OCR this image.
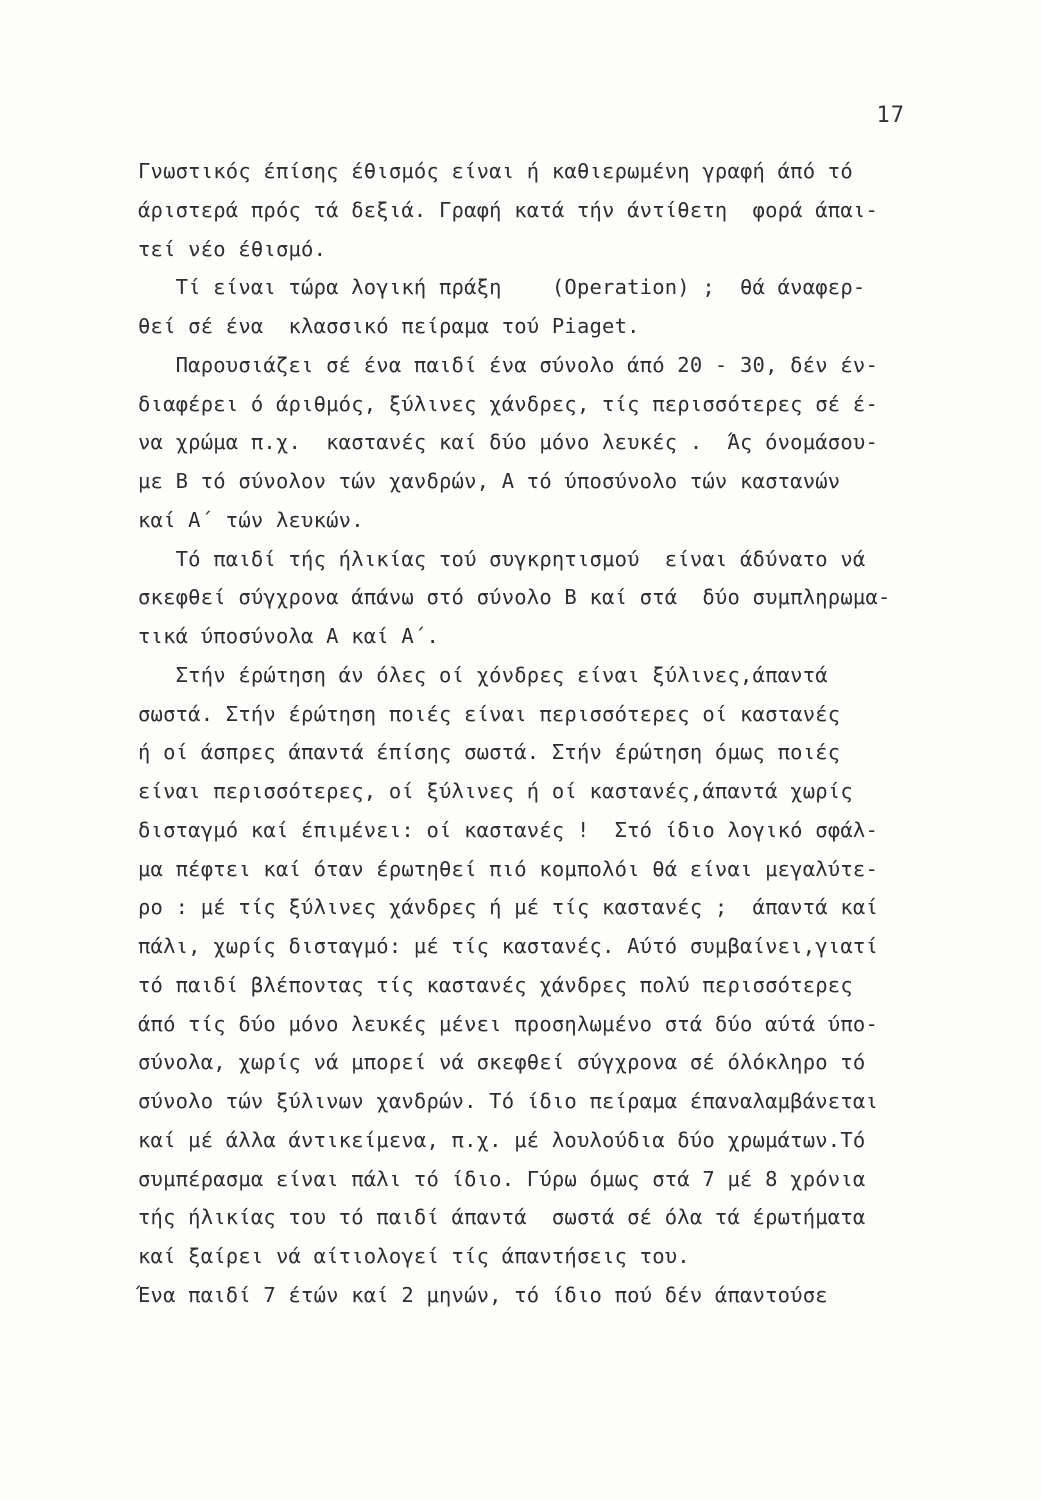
17
Γνωστικός έπίσης έθισμός είναι ή καθιερωμένη γραφή άπό τό
άριστερά πρός τά δεξιά. Γραφή κατά τήν άντίθετη  φορά άπαι-
τεί νέο έθισμό.
Τί είναι τώρα λογική πράξη    (Operation) ;  θά άναφερ-
θεί σέ ένα  κλασσικό πείραμα τού Piaget.
Παρουσιάζει σέ ένα παιδί ένα σύνολο άπό 20 - 30, δέν έν-
διαφέρει ό άριθμός, ξύλινες χάνδρες, τίς περισσότερες σέ έ-
να χρώμα π.χ.  καστανές καί δύο μόνο λευκές .  Άς όνομάσου-
με Β τό σύνολον τών χανδρών, Α τό ύποσύνολο τών καστανών
καί Α΄ τών λευκών.
Τό παιδί τής ήλικίας τού συγκρητισμού  είναι άδύνατο νά
σκεφθεί σύγχρονα άπάνω στό σύνολο Β καί στά  δύο συμπληρωμα-
τικά ύποσύνολα Α καί Α΄.
Στήν έρώτηση άν όλες οί χόνδρες είναι ξύλινες,άπαντά
σωστά. Στήν έρώτηση ποιές είναι περισσότερες οί καστανές
ή οί άσπρες άπαντά έπίσης σωστά. Στήν έρώτηση όμως ποιές
είναι περισσότερες, οί ξύλινες ή οί καστανές,άπαντά χωρίς
δισταγμό καί έπιμένει: οί καστανές !  Στό ίδιο λογικό σφάλ-
μα πέφτει καί όταν έρωτηθεί πιό κομπολόι θά είναι μεγαλύτε-
ρο : μέ τίς ξύλινες χάνδρες ή μέ τίς καστανές ;  άπαντά καί
πάλι, χωρίς δισταγμό: μέ τίς καστανές. Αύτό συμβαίνει,γιατί
τό παιδί βλέποντας τίς καστανές χάνδρες πολύ περισσότερες
άπό τίς δύο μόνο λευκές μένει προσηλωμένο στά δύο αύτά ύπο-
σύνολα, χωρίς νά μπορεί νά σκεφθεί σύγχρονα σέ όλόκληρο τό
σύνολο τών ξύλινων χανδρών. Τό ίδιο πείραμα έπαναλαμβάνεται
καί μέ άλλα άντικείμενα, π.χ. μέ λουλούδια δύο χρωμάτων.Τό
συμπέρασμα είναι πάλι τό ίδιο. Γύρω όμως στά 7 μέ 8 χρόνια
τής ήλικίας του τό παιδί άπαντά  σωστά σέ όλα τά έρωτήματα
καί ξαίρει νά αίτιολογεί τίς άπαντήσεις του.
Ένα παιδί 7 έτών καί 2 μηνών, τό ίδιο πού δέν άπαντούσε
